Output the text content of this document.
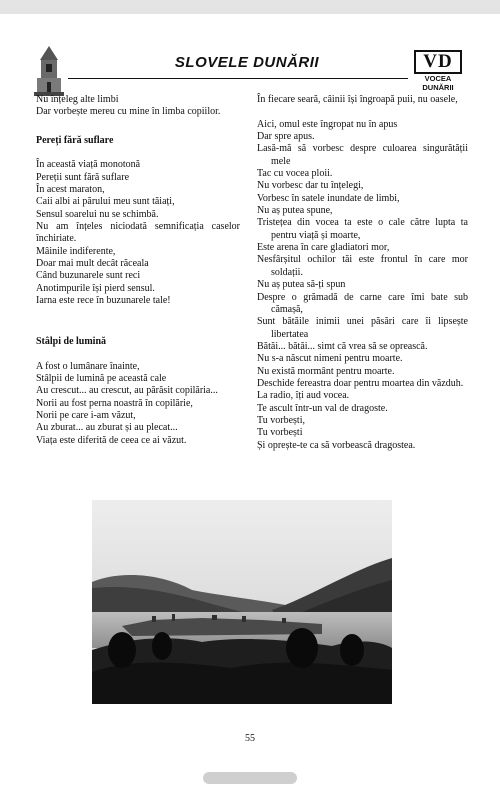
SLOVELE DUNĂRII	VD
VOCEA
DUNĂRII

Nu înțeleg alte limbi

Dar vorbește mereu cu mine în limba copiilor.

Pereți fără suflare

În această viață monotonă

Pereții sunt fără suflare

În acest maraton,

Caii albi ai părului meu sunt tăiați,

Sensul soarelui nu se schimbă.

Nu am înțeles niciodată semnificația caselor închiriate.

Mâinile indiferente,

Doar mai mult decât răceala

Când buzunarele sunt reci

Anotimpurile își pierd sensul.

Iarna este rece în buzunarele tale!

Stâlpi de lumină

A fost o lumânare înainte,

Stâlpii de lumină pe această cale

Au crescut... au crescut, au părăsit copilăria...

Norii au fost perna noastră în copilărie,

Norii pe care i-am văzut,

Au zburat... au zburat și au plecat...

Viața este diferită de ceea ce ai văzut.

În fiecare seară, câinii își îngroapă puii, nu oasele,

Aici, omul este îngropat nu în apus

Dar spre apus.

Lasă-mă să vorbesc despre culoarea singurătății mele

Tac cu vocea ploii.

Nu vorbesc dar tu înțelegi,

Vorbesc în satele inundate de limbi,

Nu aș putea spune,

Tristețea din vocea ta este o cale către lupta ta pentru viață și moarte,

Este arena în care gladiatori mor,

Nesfârșitul ochilor tăi este frontul în care mor soldații.

Nu aș putea să-ți spun

Despre o grămadă de carne care îmi bate sub cămașă,

Sunt bătăile inimii unei păsări care îi lipsește libertatea

Bătăi... bătăi... simt că vrea să se oprească.

Nu s-a născut nimeni pentru moarte.

Nu există mormânt pentru moarte.

Deschide fereastra doar pentru moartea din văzduh.

La radio, îți aud vocea.

Te ascult într-un val de dragoste.

Tu vorbești,

Tu vorbești

Și oprește-te ca să vorbească dragostea.

55
